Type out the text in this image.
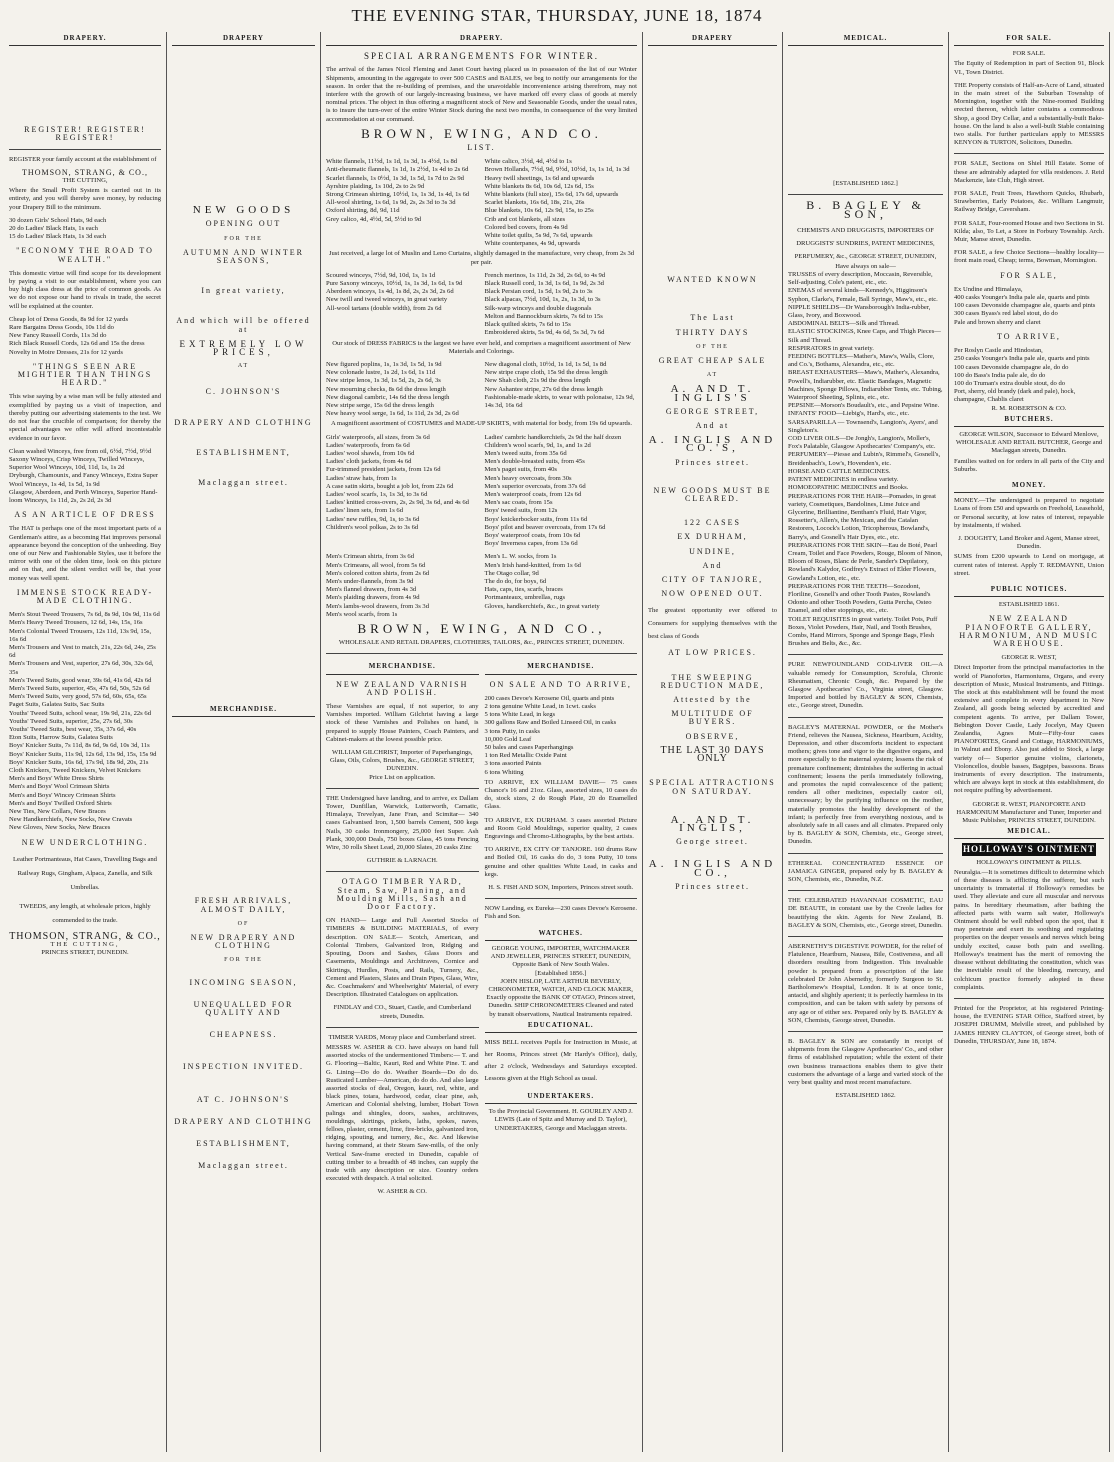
THE EVENING STAR, THURSDAY, JUNE 18, 1874
DRAPERY.
REGISTER! REGISTER! REGISTER!
REGISTER your family account at the establishment of
THOMSON, STRANG, & CO.,
THE CUTTING,
Where the Small Profit System is carried out in its entirety, and you will thereby save money, by reducing your Drapery Bill to the minimum.
30 dozen Girls' School Hats, 9d each
20 do Ladies' Black Hats, 1s each
15 do Ladies' Black Hats, 1s 3d each
"ECONOMY THE ROAD TO WEALTH."
This domestic virtue will find scope for its development by paying a visit to our establishment, where you can buy high class dress at the price of common goods. As we do not expose our hand to rivals in trade, the secret will be explained at the counter.
Cheap lot of Dress Goods, 8s 9d for 12 yards
Rare Bargains Dress Goods, 10s 11d do
New Fancy Russell Cords, 11s 3d do
Rich Black Russell Cords, 12s 6d and 15s the dress
Novelty in Moire Dresses, 21s for 12 yards
"THINGS SEEN ARE MIGHTIER THAN THINGS HEARD."
This wise saying by a wise man will be fully attested and exemplified by paying us a visit of inspection, and thereby putting our advertising statements to the test. We do not fear the crucible of comparison; for thereby the special advantages we offer will afford incontestable evidence in our favor.
Clean washed Winceys, free from oil, 6½d, 7½d, 9½d
Saxony Winceys, Crisp Winceys, Twilled Winceys, Superior Wool Winceys, 10d, 11d, 1s, 1s 2d
Dryburgh, Chamounix, and Fancy Winceys, Extra Super Wool Winceys, 1s 4d, 1s 5d, 1s 9d
Glasgow, Aberdeen, and Perth Winceys, Superior Hand-loom Winceys, 1s 11d, 2s, 2s 2d, 2s 3d
AS AN ARTICLE OF DRESS
The HAT is perhaps one of the most important parts of a Gentleman's attire, as a becoming Hat improves personal appearance beyond the conception of the unheeding. Buy one of our New and Fashionable Styles, use it before the mirror with one of the olden time, look on this picture and on that, and the silent verdict will be, that your money was well spent.
IMMENSE STOCK READY-MADE CLOTHING.
Men's Stout Tweed Trousers, 7s 6d, 8s 9d, 10s 9d, 11s 6d
Men's Heavy Tweed Trousers, 12 6d, 14s, 15s, 16s
Men's Colonial Tweed Trousers, 12s 11d, 13s 9d, 15s, 16s 6d
Men's Trousers and Vest to match, 21s, 22s 6d, 24s, 25s 6d
Men's Trousers and Vest, superior, 27s 6d, 30s, 32s 6d, 35s
Men's Tweed Suits, good wear, 39s 6d, 41s 6d, 42s 6d
Men's Tweed Suits, superior, 45s, 47s 6d, 50s, 52s 6d
Men's Tweed Suits, very good, 57s 6d, 60s, 65s, 65s
Paget Suits, Galatea Suits, Sac Suits
Youths' Tweed Suits, school wear, 19s 9d, 21s, 22s 6d
Youths' Tweed Suits, superior, 25s, 27s 6d, 30s
Youths' Tweed Suits, best wear, 35s, 37s 6d, 40s
Eton Suits, Harrow Suits, Galatea Suits
Boys' Knicker Suits, 7s 11d, 8s 6d, 9s 6d, 10s 3d, 11s
Boys' Knicker Suits, 11s 9d, 12s 6d, 13s 9d, 15s, 15s 9d
Boys' Knicker Suits, 16s 6d, 17s 9d, 18s 9d, 20s, 21s
Cloth Knickers, Tweed Knickers, Velvet Knickers
Men's and Boys' White Dress Shirts
Men's and Boys' Wool Crimean Shirts
Men's and Boys' Wincey Crimean Shirts
Men's and Boys' Twilled Oxford Shirts
New Ties, New Collars, New Braces
New Handkerchiefs, New Socks, New Cravats
New Gloves, New Socks, New Braces
NEW UNDERCLOTHING.
Leather Portmanteaus, Hat Cases, Travelling Bags and Railway Rugs, Gingham, Alpaca, Zanella, and Silk Umbrellas.
TWEEDS, any length, at wholesale prices, highly commended to the trade.
THOMSON, STRANG, & CO.,
THE CUTTING,
PRINCES STREET, DUNEDIN.
DRAPERY
NEW GOODS
OPENING OUT
FOR THE
AUTUMN AND WINTER SEASONS,
In great variety,
And which will be offered at
EXTREMELY LOW PRICES,
AT
C. JOHNSON'S
DRAPERY AND CLOTHING
ESTABLISHMENT,
Maclaggan street.
MERCHANDISE.
FRESH ARRIVALS, ALMOST DAILY,
OF
NEW DRAPERY AND CLOTHING
FOR THE
INCOMING SEASON,
UNEQUALLED FOR QUALITY AND
CHEAPNESS.
INSPECTION INVITED.
AT C. JOHNSON'S
DRAPERY AND CLOTHING
ESTABLISHMENT,
Maclaggan street.
DRAPERY.
SPECIAL ARRANGEMENTS FOR WINTER.
The arrival of the James Nicol Fleming and Janet Court having placed us in possession of the list of our Winter Shipments, amounting in the aggregate to over 500 CASES and BALES, we beg to notify our arrangements for the season. In order that the re-building of premises, and the unavoidable inconvenience arising therefrom, may not interfere with the growth of our largely-increasing business, we have marked off every class of goods at merely nominal prices. The object in thus offering a magnificent stock of New and Seasonable Goods, under the usual rates, is to insure the turn-over of the entire Winter Stock during the next two months, in consequence of the very limited accommodation at our command.
BROWN, EWING, AND CO.
LIST.
White flannels, 11½d, 1s 1d, 1s 3d, 1s 4½d, 1s 8d
Anti-rheumatic flannels, 1s 1d, 1s 2½d, 1s 4d to 2s 6d
Scarlet flannels, 1s 0½d, 1s 3d, 1s 5d, 1s 7d to 2s 9d
Ayrshire plaiding, 1s 10d, 2s to 2s 9d
Strong Crimean shirting, 10½d, 1s, 1s 3d, 1s 4d, 1s 6d
All-wool shirting, 1s 6d, 1s 9d, 2s, 2s 3d to 3s 3d
Oxford shirting, 8d, 9d, 11d
Grey calico, 4d, 4½d, 5d, 5½d to 9d
White calico, 3½d, 4d, 4½d to 1s
Brown Hollands, 7½d, 9d, 9½d, 10½d, 1s, 1s 1d, 1s 3d
Heavy twill sheetings, 1s 6d and upwards
White blankets 8s 6d, 10s 6d, 12s 6d, 15s
White blankets (full size), 15s 6d, 17s 6d, upwards
Scarlet blankets, 16s 6d, 18s, 21s, 26s
Blue blankets, 10s 6d, 12s 9d, 15s, to 25s
Crib and cot blankets, all sizes
Colored bed covers, from 4s 9d
White toilet quilts, 5s 9d, 7s 6d, upwards
White counterpanes, 4s 9d, upwards
Just received, a large lot of Muslin and Leno Curtains, slightly damaged in the manufacture, very cheap, from 2s 3d per pair.
Scoured winceys, 7½d, 9d, 10d, 1s, 1s 1d
Pure Saxony winceys, 10½d, 1s, 1s 3d, 1s 6d, 1s 9d
Aberdeen winceys, 1s 4d, 1s 8d, 2s, 2s 3d, 2s 6d
New twill and tweed winceys, in great variety
All-wool tartans (double width), from 2s 6d
French merinos, 1s 11d, 2s 3d, 2s 6d, to 4s 9d
Black Russell cord, 1s 3d, 1s 6d, 1s 9d, 2s 3d
Black Persian cord, 1s 5d, 1s 9d, 2s to 3s
Black alpacas, 7½d, 10d, 1s, 2s, 1s 3d, to 3s
Silk-warp winceys and double diagonals
Melton and Bannockburn skirts, 7s 6d to 15s
Black quilted skirts, 7s 6d to 15s
Embroidered skirts, 5s 9d, 4s 6d, 5s 3d, 7s 6d
Our stock of DRESS FABRICS is the largest we have ever held, and comprises a magnificent assortment of New Materials and Colorings.
New figured poplins, 1s, 1s 3d, 1s 5d, 1s 9d
New colonade lustre, 1s 2d, 1s 6d, 1s 11d
New stripe lenos, 1s 3d, 1s 5d, 2s, 2s 6d, 3s
New mourning checks, 8s 6d the dress length
New diagonal cambric, 14s 6d the dress length
New stripe serge, 15s 6d the dress length
New heavy wool serge, 1s 6d, 1s 11d, 2s 3d, 2s 6d
New diagonal cloth, 10½d, 1s 1d, 1s 5d, 1s 8d
New stripe crape cloth, 15s 9d the dress length
New Shah cloth, 21s 9d the dress length
New Ashantee stripe, 27s 6d the dress length
Fashionable-made skirts, to wear with polonaise, 12s 9d, 14s 3d, 16s 6d
A magnificent assortment of COSTUMES and MADE-UP SKIRTS, with material for body, from 19s 6d upwards.
Girls' waterproofs, all sizes, from 3s 6d
Ladies' waterproofs, from 6s 6d
Ladies' wool shawls, from 10s 6d
Ladies' cloth jackets, from 4s 6d
Fur-trimmed president jackets, from 12s 6d
Ladies' straw hats, from 1s
A case satin skirts, bought a job lot, from 22s 6d
Ladies' wool scarfs, 1s, 1s 3d, to 3s 6d
Ladies' knitted cross-overs, 2s, 2s 9d, 3s 6d, and 4s 6d
Ladies' linen sets, from 1s 6d
Ladies' new ruffles, 9d, 1s, to 3s 6d
Children's wool polkas, 2s to 3s 6d
Ladies' cambric handkerchiefs, 2s 9d the half dozen
Children's wool scarfs, 9d, 1s, and 1s 2d
Men's tweed suits, from 35s 6d
Men's double-breasted suits, from 45s
Men's paget suits, from 40s
Men's heavy overcoats, from 30s
Men's superior overcoats, from 37s 6d
Men's waterproof coats, from 12s 6d
Men's sac coats, from 15s
Boys' tweed suits, from 12s
Boys' knickerbocker suits, from 11s 6d
Boys' pilot and beaver overcoats, from 17s 6d
Boys' waterproof coats, from 10s 6d
Boys' Inverness capes, from 13s 6d
Men's Crimean shirts, from 3s 6d
Men's Crimeans, all wool, from 5s 6d
Men's colored cotton shirts, from 2s 6d
Men's under-flannels, from 3s 9d
Men's flannel drawers, from 4s 3d
Men's plaiding drawers, from 4s 9d
Men's lambs-wool drawers, from 3s 3d
Men's wool scarfs, from 1s
Men's L. W. socks, from 1s
Men's Irish hand-knitted, from 1s 6d
The Otago collar, 9d
The do do, for boys, 6d
Hats, caps, ties, scarfs, braces
Portmanteaux, umbrellas, rugs
Gloves, handkerchiefs, &c., in great variety
BROWN, EWING, AND CO.,
WHOLESALE AND RETAIL DRAPERS, CLOTHIERS, TAILORS, &c., PRINCES STREET, DUNEDIN.
MERCHANDISE.
NEW ZEALAND VARNISH AND POLISH.
These Varnishes are equal, if not superior, to any Varnishes imported. William Gilchrist having a large stock of these Varnishes and Polishes on hand, is prepared to supply House Painters, Coach Painters, and Cabinet-makers at the lowest possible price.
WILLIAM GILCHRIST, Importer of Paperhangings, Glass, Oils, Colors, Brushes, &c., GEORGE STREET, DUNEDIN.
Price List on application.
THE Undersigned have landing, and to arrive, ex Dallam Tower, Dunfillan, Warwick, Lutterworth, Carnatic, Himalaya, Trevelyan, Jane Fran, and Scimitar— 340 cases Galvanised Iron, 1,500 barrels Cement, 500 kegs Nails, 30 casks Ironmongery, 25,000 feet Super. Ash Plank, 300,000 Deals, 750 boxes Glass, 45 tons Fencing Wire, 30 rolls Sheet Lead, 20,000 Slates, 20 casks Zinc
GUTHRIE & LARNACH.
OTAGO TIMBER YARD, Steam, Saw, Planing, and Moulding Mills, Sash and Door Factory.
ON HAND— Large and Full Assorted Stocks of TIMBERS & BUILDING MATERIALS, of every description. ON SALE— Scotch, American, and Colonial Timbers, Galvanized Iron, Ridging and Spouting, Doors and Sashes, Glass Doors and Casements, Mouldings and Architraves, Cornice and Skirtings, Hurdles, Posts, and Rails, Turnery, &c., Cement and Plasters, Slates and Drain Pipes, Glass, Wire, &c. Coachmakers' and Wheelwrights' Material, of every Description. Illustrated Catalogues on application.
FINDLAY and CO., Stuart, Castle, and Cumberland streets, Dunedin.
TIMBER YARDS, Moray place and Cumberland street.
MESSRS W. ASHER & CO. have always on hand full assorted stocks of the undermentioned Timbers:— T. and G. Flooring—Baltic, Kauri, Red and White Pine. T. and G. Lining—Do do do. Weather Boards—Do do do. Rusticated Lumber—American, do do do. And also large assorted stocks of deal, Oregon, kauri, red, white, and black pines, totara, hardwood, cedar, clear pine, ash, American and Colonial shelving, lumber, Hobart Town palings and shingles, doors, sashes, architraves, mouldings, skirtings, pickets, laths, spokes, naves, felloes, plaster, cement, lime, fire-bricks, galvanized iron, ridging, spouting, and turnery, &c., &c. And likewise having command, at their Steam Saw-mills, of the only Vertical Saw-frame erected in Dunedin, capable of cutting timber to a breadth of 48 inches, can supply the trade with any description or size. Country orders executed with despatch. A trial solicited.
W. ASHER & CO.
MERCHANDISE.
ON SALE AND TO ARRIVE,
200 cases Devoe's Kerosene Oil, quarts and pints
2 tons genuine White Lead, in 1cwt. casks
5 tons White Lead, in kegs
300 gallons Raw and Boiled Linseed Oil, in casks
3 tons Putty, in casks
10,000 Gold Leaf
50 bales and cases Paperhangings
1 ton Red Metallic Oxide Paint
3 tons assorted Paints
6 tons Whiting
TO ARRIVE, EX WILLIAM DAVIE— 75 cases Chance's 16 and 21oz. Glass, assorted sizes, 10 cases do do, stock sizes, 2 do Rough Plate, 20 do Enamelled Glass.
TO ARRIVE, EX DURHAM. 3 cases assorted Picture and Room Gold Mouldings, superior quality, 2 cases Engravings and Chromo-Lithographs, by the best artists.
TO ARRIVE, EX CITY OF TANJORE. 160 drums Raw and Boiled Oil, 16 casks do do, 3 tons Putty, 10 tons genuine and other qualities White Lead, in casks and kegs.
H. S. FISH AND SON, Importers, Princes street south.
NOW Landing, ex Eureka—230 cases Devoe's Kerosene. Fish and Son.
WATCHES.
GEORGE YOUNG, IMPORTER, WATCHMAKER AND JEWELLER, PRINCES STREET, DUNEDIN, Opposite Bank of New South Wales.
[Established 1856.]
JOHN HISLOP, LATE ARTHUR BEVERLY, CHRONOMETER, WATCH, AND CLOCK MAKER, Exactly opposite the BANK OF OTAGO, Princes street, Dunedin. SHIP CHRONOMETERS Cleaned and rated by transit observations, Nautical Instruments repaired.
EDUCATIONAL.
MISS BELL receives Pupils for Instruction in Music, at her Rooms, Princes street (Mr Hardy's Office), daily, after 2 o'clock, Wednesdays and Saturdays excepted. Lessons given at the High School as usual.
UNDERTAKERS.
To the Provincial Government. H. GOURLEY AND J. LEWIS (Late of Spitz and Murray and D. Taylor), UNDERTAKERS, George and Maclaggan streets.
DRAPERY
WANTED KNOWN
The Last
THIRTY DAYS
OF THE
GREAT CHEAP SALE
AT
A. AND T. INGLIS'S
GEORGE STREET,
And at
A. INGLIS AND CO.'S,
Princes street.
NEW GOODS MUST BE CLEARED.
122 CASES
EX DURHAM,
UNDINE,
And
CITY OF TANJORE,
NOW OPENED OUT.
The greatest opportunity ever offered to Consumers for supplying themselves with the best class of Goods
AT LOW PRICES.
THE SWEEPING REDUCTION MADE,
Attested by the
MULTITUDE OF BUYERS.
OBSERVE,
THE LAST 30 DAYS ONLY
SPECIAL ATTRACTIONS ON SATURDAY.
A. AND T. INGLIS,
George street.
A. INGLIS AND CO.,
Princes street.
MEDICAL.
[ESTABLISHED 1862.]
B. BAGLEY & SON,
CHEMISTS AND DRUGGISTS, IMPORTERS OF DRUGGISTS' SUNDRIES, PATENT MEDICINES, PERFUMERY, &c., GEORGE STREET, DUNEDIN,
Have always on sale—
TRUSSES of every description, Moccasin, Reversible, Self-adjusting, Cole's patent, etc., etc.
ENEMAS of several kinds—Kennedy's, Higginson's Syphon, Clarke's, Female, Ball Syringe, Maw's, etc., etc.
NIPPLE SHIELDS—Dr Wansborough's India-rubber, Glass, Ivory, and Boxwood.
ABDOMINAL BELTS—Silk and Thread.
ELASTIC STOCKINGS, Knee Caps, and Thigh Pieces—Silk and Thread.
RESPIRATORS in great variety.
FEEDING BOTTLES—Mather's, Maw's, Walls, Clore, and Co.'s, Bothams, Alexandra, etc., etc.
BREAST EXHAUSTERS—Maw's, Mather's, Alexandra, Powell's, Indiarubber, etc. Elastic Bandages, Magnetic Machines, Sponge Pillows, Indiarubber Tents, etc. Tubing, Waterproof Sheeting, Splints, etc., etc.
PEPSINE—Morson's Boudault's, etc., and Pepsine Wine.
INFANTS' FOOD—Liebig's, Hard's, etc., etc.
SARSAPARILLA — Townsend's, Langton's, Ayers', and Singleton's.
COD LIVER OILS—De Jongh's, Langton's, Moller's, Fox's Palatable, Glasgow Apothecaries' Company's, etc.
PERFUMERY—Piesse and Lubin's, Rimmel's, Gosnell's, Breidenbach's, Low's, Hovenden's, etc.
HORSE AND CATTLE MEDICINES.
PATENT MEDICINES in endless variety.
HOMOEOPATHIC MEDICINES and Books.
PREPARATIONS FOR THE HAIR—Pomades, in great variety, Cosmetiques, Bandolines, Lime Juice and Glycerine, Brilliantine, Bentham's Fluid, Hair Vigor, Rossetter's, Allen's, the Mexican, and the Catalan Restorers, Locock's Lotion, Tricopherous, Bowland's, Barry's, and Gosnell's Hair Dyes, etc., etc.
PREPARATIONS FOR THE SKIN—Eau de Boté, Pearl Cream, Toilet and Face Powders, Rouge, Bloom of Ninon, Bloom of Roses, Blanc de Perle, Sander's Depilatory, Rowland's Kalydor, Godfrey's Extract of Elder Flowers, Gowland's Lotion, etc., etc.
PREPARATIONS FOR THE TEETH—Sozodont, Floriline, Gosnell's and other Tooth Pastes, Rowland's Odonto and other Tooth Powders, Gutta Percha, Osteo Enamel, and other stoppings, etc., etc.
TOILET REQUISITES in great variety. Toilet Pots, Puff Boxes, Violet Powders, Hair, Nail, and Tooth Brushes, Combs, Hand Mirrors, Sponge and Sponge Bags, Flesh Brushes and Belts, &c., &c.
PURE NEWFOUNDLAND COD-LIVER OIL—A valuable remedy for Consumption, Scrofula, Chronic Rheumatism, Chronic Cough, &c. Prepared by the Glasgow Apothecaries' Co., Virginia street, Glasgow. Imported and bottled by BAGLEY & SON, Chemists, etc., George street, Dunedin.
BAGLEY'S MATERNAL POWDER, or the Mother's Friend, relieves the Nausea, Sickness, Heartburn, Acidity, Depression, and other discomforts incident to expectant mothers; gives tone and vigor to the digestive organs, and more especially to the maternal system; lessens the risk of premature confinement; diminishes the suffering in actual confinement; lessens the perils immediately following, and promotes the rapid convalescence of the patient; renders all other medicines, especially castor oil, unnecessary; by the purifying influence on the mother, materially promotes the healthy development of the infant; is perfectly free from everything noxious, and is absolutely safe in all cases and all climates. Prepared only by B. BAGLEY & SON, Chemists, etc., George street, Dunedin.
ETHEREAL CONCENTRATED ESSENCE OF JAMAICA GINGER, prepared only by B. BAGLEY & SON, Chemists, etc., Dunedin, N.Z.
THE CELEBRATED HAVANNAH COSMETIC, EAU DE BEAUTE, in constant use by the Creole ladies for beautifying the skin. Agents for New Zealand, B. BAGLEY & SON, Chemists, etc., George street, Dunedin.
ABERNETHY'S DIGESTIVE POWDER, for the relief of Flatulence, Heartburn, Nausea, Bile, Costiveness, and all disorders resulting from Indigestion. This invaluable powder is prepared from a prescription of the late celebrated Dr John Abernethy, formerly Surgeon to St. Bartholomew's Hospital, London. It is at once tonic, antacid, and slightly aperient; it is perfectly harmless in its composition, and can be taken with safety by persons of any age or of either sex. Prepared only by B. BAGLEY & SON, Chemists, George street, Dunedin.
B. BAGLEY & SON are constantly in receipt of shipments from the Glasgow Apothecaries' Co., and other firms of established reputation; while the extent of their own business transactions enables them to give their customers the advantage of a large and varied stock of the very best quality and most recent manufacture.
ESTABLISHED 1862.
FOR SALE.
FOR SALE.
The Equity of Redemption in part of Section 91, Block VI., Town District.
THE Property consists of Half-an-Acre of Land, situated in the main street of the Suburban Township of Mornington, together with the Nine-roomed Building erected thereon, which latter contains a commodious Shop, a good Dry Cellar, and a substantially-built Bake-house. On the land is also a well-built Stable containing two stalls. For further particulars apply to MESSRS KENYON & TURTON, Solicitors, Dunedin.
FOR SALE, Sections on Shiel Hill Estate. Some of these are admirably adapted for villa residences. J. Reid Mackenzie, late Club, High street.
FOR SALE, Fruit Trees, Hawthorn Quicks, Rhubarb, Strawberries, Early Potatoes, &c. William Langmuir, Railway Bridge, Caversham.
FOR SALE, Four-roomed House and two Sections in St. Kilda; also, To Let, a Store in Forbury Township. Arch. Muir, Manse street, Dunedin.
FOR SALE, a few Choice Sections—healthy locality—front main road, Cheap; terms, Bowman, Mornington.
FOR SALE,
Ex Undine and Himalaya,
400 casks Younger's India pale ale, quarts and pints
100 cases Devonside champagne ale, quarts and pints
300 cases Byass's red label stout, do do
Pale and brown sherry and claret
TO ARRIVE,
Per Roslyn Castle and Hindostan,
250 casks Younger's India pale ale, quarts and pints
100 cases Devonside champagne ale, do do
100 do Bass's India pale ale, do do
100 do Truman's extra double stout, do do
Port, sherry, old brandy (dark and pale), hock, champagne, Chablis claret
R. M. ROBERTSON & CO.
BUTCHERS.
GEORGE WILSON, Successor to Edward Menlove, WHOLESALE AND RETAIL BUTCHER, George and Maclaggan streets, Dunedin.
Families waited on for orders in all parts of the City and Suburbs.
MONEY.
MONEY.—The undersigned is prepared to negotiate Loans of from £50 and upwards on Freehold, Leasehold, or Personal security, at low rates of interest, repayable by instalments, if wished.
J. DOUGHTY, Land Broker and Agent, Manse street, Dunedin.
SUMS from £200 upwards to Lend on mortgage, at current rates of interest. Apply T. REDMAYNE, Union street.
PUBLIC NOTICES.
ESTABLISHED 1861.
NEW ZEALAND PIANOFORTE GALLERY, HARMONIUM, AND MUSIC WAREHOUSE.
GEORGE R. WEST,
Direct Importer from the principal manufactories in the world of Pianofortes, Harmoniums, Organs, and every description of Music, Musical Instruments, and Fittings. The stock at this establishment will be found the most extensive and complete in every department in New Zealand, all goods being selected by accredited and competent agents. To arrive, per Dallam Tower, Bebington Dover Castle, Lady Jocelyn, May Queen Zealandia, Agnes Muir—Fifty-four cases PIANOFORTES, Grand and Cottage, HARMONIUMS, in Walnut and Ebony. Also just added to Stock, a large variety of— Superior genuine violins, clarionets, Violoncellos, double basses, Bagpipes, bassoons. Brass instruments of every description. The instruments, which are always kept in stock at this establishment, do not require puffing by advertisement.
GEORGE R. WEST, PIANOFORTE AND HARMONIUM Manufacturer and Tuner, Importer and Music Publisher, PRINCES STREET, DUNEDIN.
MEDICAL.
HOLLOWAY'S OINTMENT
HOLLOWAY'S OINTMENT & PILLS.
Neuralgia.—It is sometimes difficult to determine which of these diseases is afflicting the sufferer, but such uncertainty is immaterial if Holloway's remedies be used. They alleviate and cure all muscular and nervous pains. In hereditary rheumatism, after bathing the affected parts with warm salt water, Holloway's Ointment should be well rubbed upon the spot, that it may penetrate and exert its soothing and regulating properties on the deeper vessels and nerves which being unduly excited, cause both pain and swelling. Holloway's treatment has the merit of removing the disease without debilitating the constitution, which was the inevitable result of the bleeding, mercury, and colchicum practice formerly adopted in these complaints.
Printed for the Proprietor, at his registered Printing-house, the EVENING STAR Office, Stafford street, by JOSEPH DRUMM, Melville street, and published by JAMES HENRY CLAYTON, of George street, both of Dunedin, THURSDAY, June 18, 1874.
